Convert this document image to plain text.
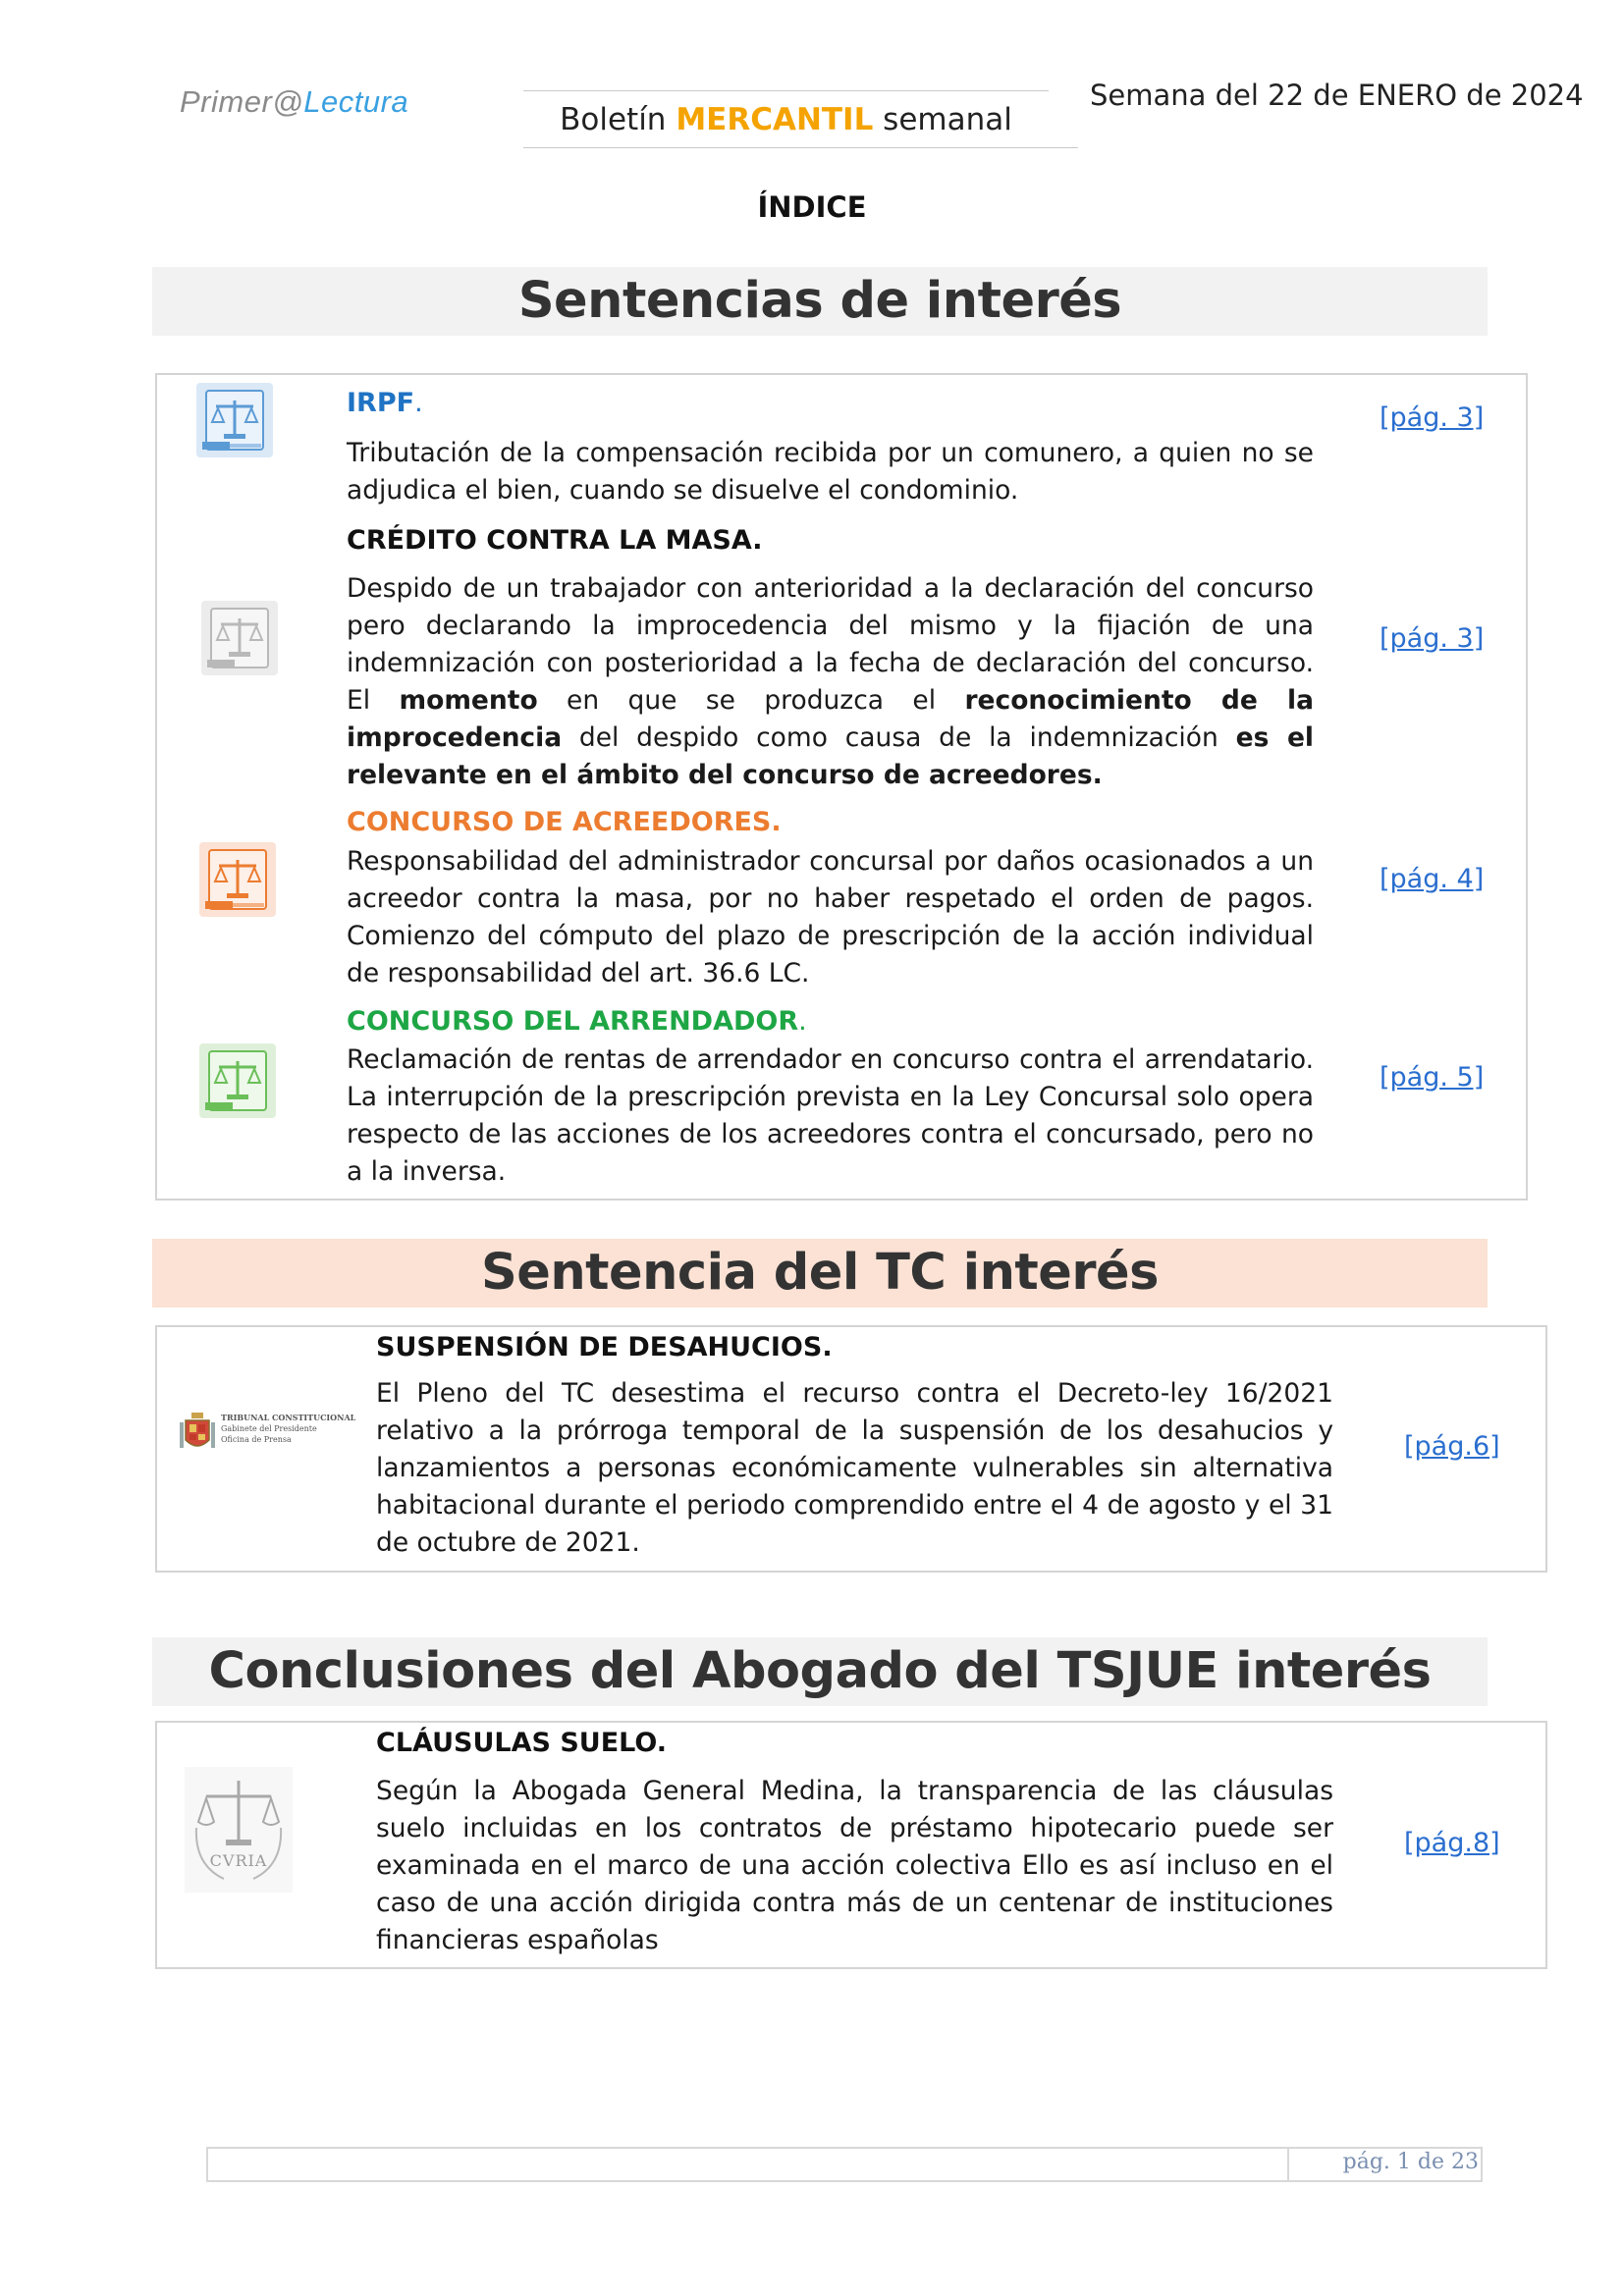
Primer@Lectura
Boletín MERCANTIL semanal
Semana del 22 de ENERO de 2024
ÍNDICE
Sentencias de interés
IRPF.
Tributación de la compensación recibida por un comunero, a quien no se adjudica el bien, cuando se disuelve el condominio.
[pág. 3]
CRÉDITO CONTRA LA MASA.
Despido de un trabajador con anterioridad a la declaración del concurso pero declarando la improcedencia del mismo y la fijación de una indemnización con posterioridad a la fecha de declaración del concurso. El momento en que se produzca el reconocimiento de la improcedencia del despido como causa de la indemnización es el relevante en el ámbito del concurso de acreedores.
[pág. 3]
CONCURSO DE ACREEDORES.
Responsabilidad del administrador concursal por daños ocasionados a un acreedor contra la masa, por no haber respetado el orden de pagos. Comienzo del cómputo del plazo de prescripción de la acción individual de responsabilidad del art. 36.6 LC.
[pág. 4]
CONCURSO DEL ARRENDADOR.
Reclamación de rentas de arrendador en concurso contra el arrendatario. La interrupción de la prescripción prevista en la Ley Concursal solo opera respecto de las acciones de los acreedores contra el concursado, pero no a la inversa.
[pág. 5]
Sentencia del TC interés
TRIBUNAL CONSTITUCIONAL
Gabinete del Presidente
Oficina de Prensa
SUSPENSIÓN DE DESAHUCIOS.
El Pleno del TC desestima el recurso contra el Decreto-ley 16/2021 relativo a la prórroga temporal de la suspensión de los desahucios y lanzamientos a personas económicamente vulnerables sin alternativa habitacional durante el periodo comprendido entre el 4 de agosto y el 31 de octubre de 2021.
[pág.6]
Conclusiones del Abogado del TSJUE interés
CVRIA
CLÁUSULAS SUELO.
Según la Abogada General Medina, la transparencia de las cláusulas suelo incluidas en los contratos de préstamo hipotecario puede ser examinada en el marco de una acción colectiva Ello es así incluso en el caso de una acción dirigida contra más de un centenar de instituciones financieras españolas
[pág.8]
pág. 1 de 23
